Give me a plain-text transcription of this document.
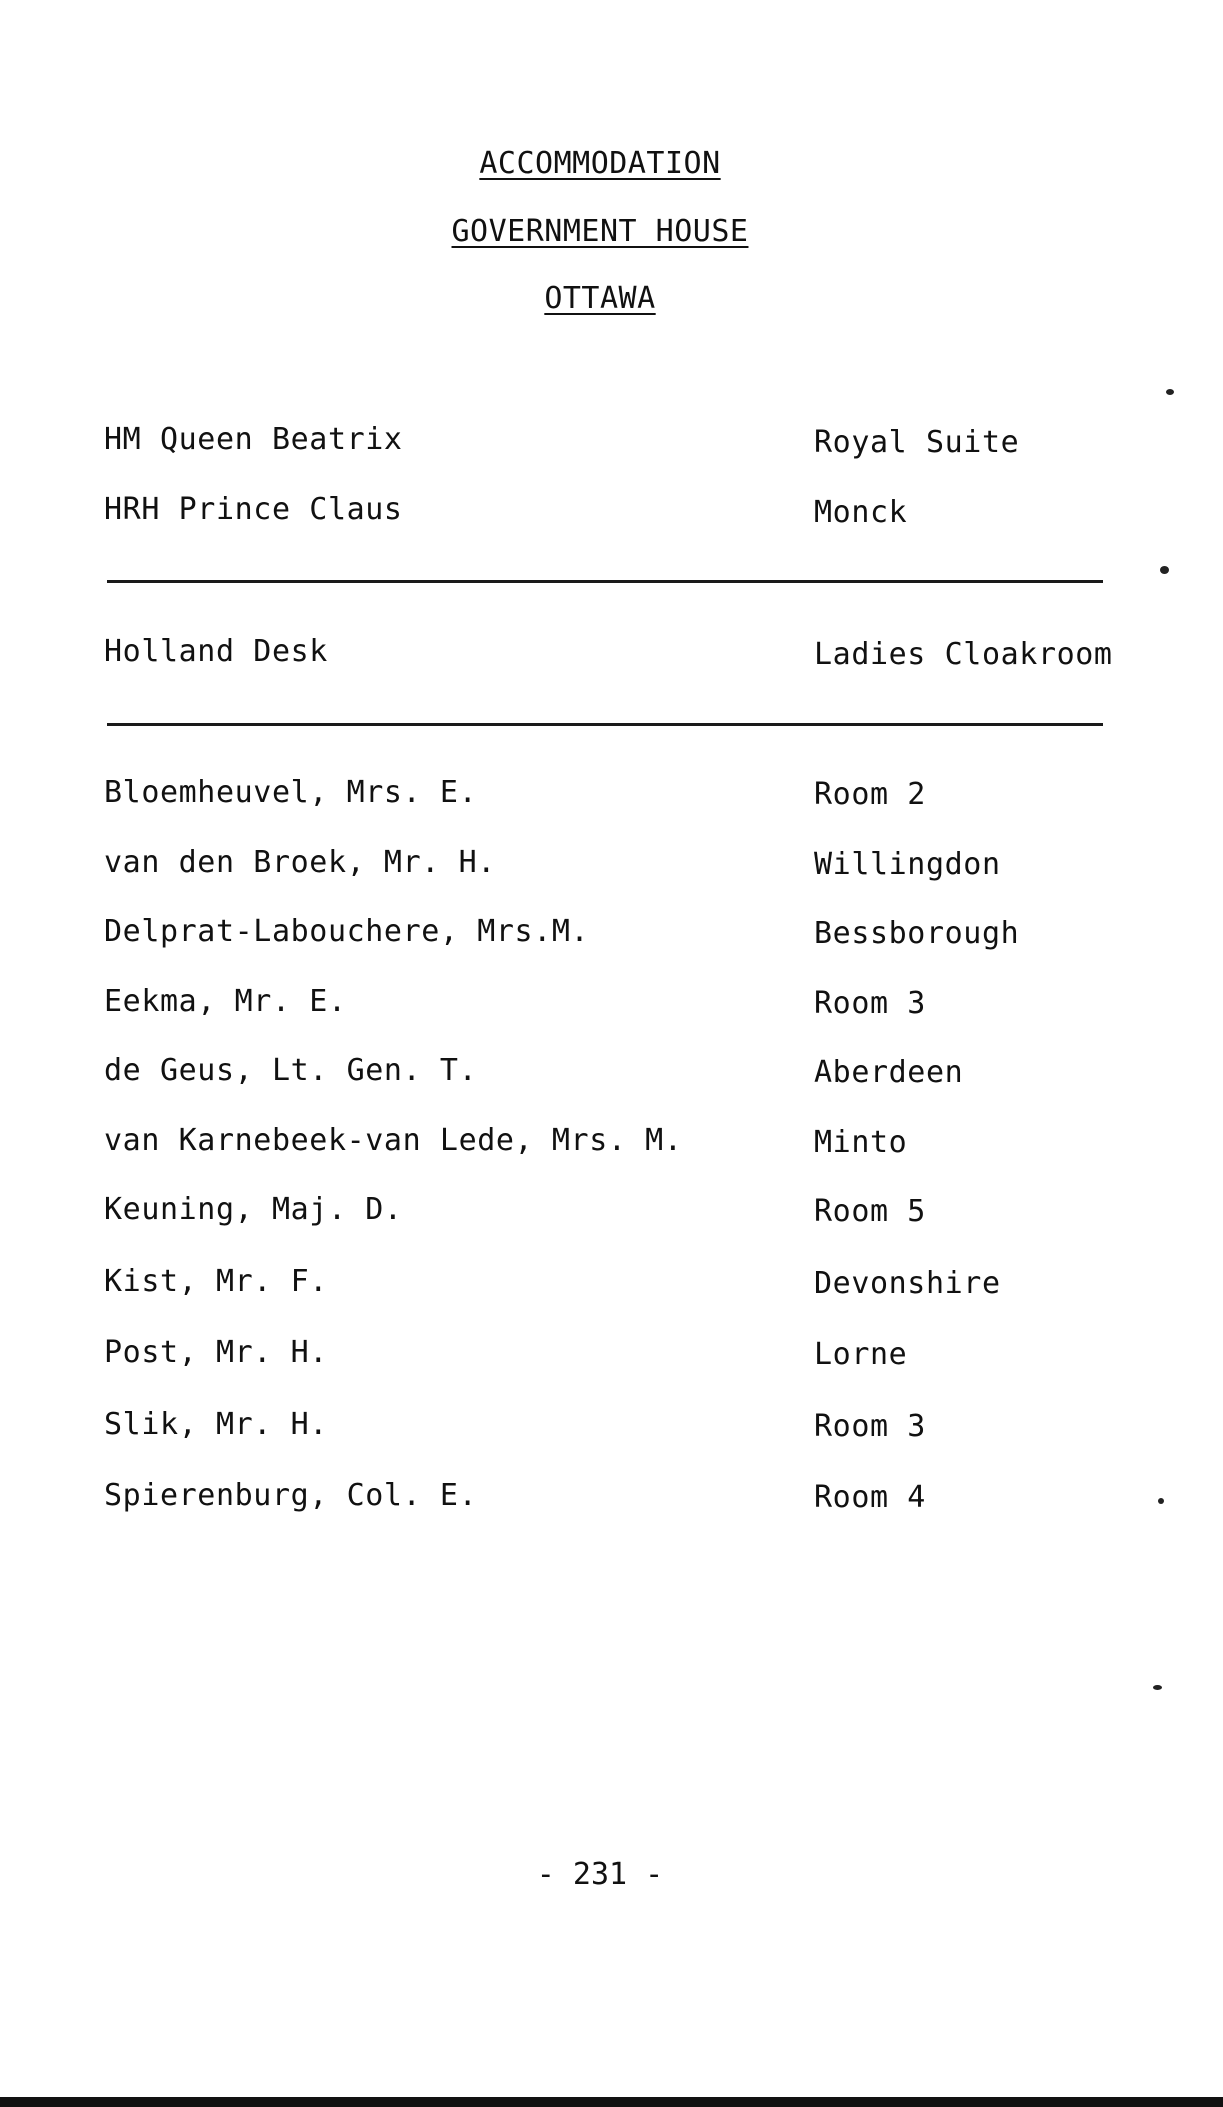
ACCOMMODATION
GOVERNMENT HOUSE
OTTAWA
HM Queen Beatrix	Royal Suite
HRH Prince Claus	Monck
Holland Desk	Ladies Cloakroom
Bloemheuvel, Mrs. E.	Room 2
van den Broek, Mr. H.	Willingdon
Delprat-Labouchere, Mrs.M.	Bessborough
Eekma, Mr. E.	Room 3
de Geus, Lt. Gen. T.	Aberdeen
van Karnebeek-van Lede, Mrs. M.	Minto
Keuning, Maj. D.	Room 5
Kist, Mr. F.	Devonshire
Post, Mr. H.	Lorne
Slik, Mr. H.	Room 3
Spierenburg, Col. E.	Room 4
- 231 -
